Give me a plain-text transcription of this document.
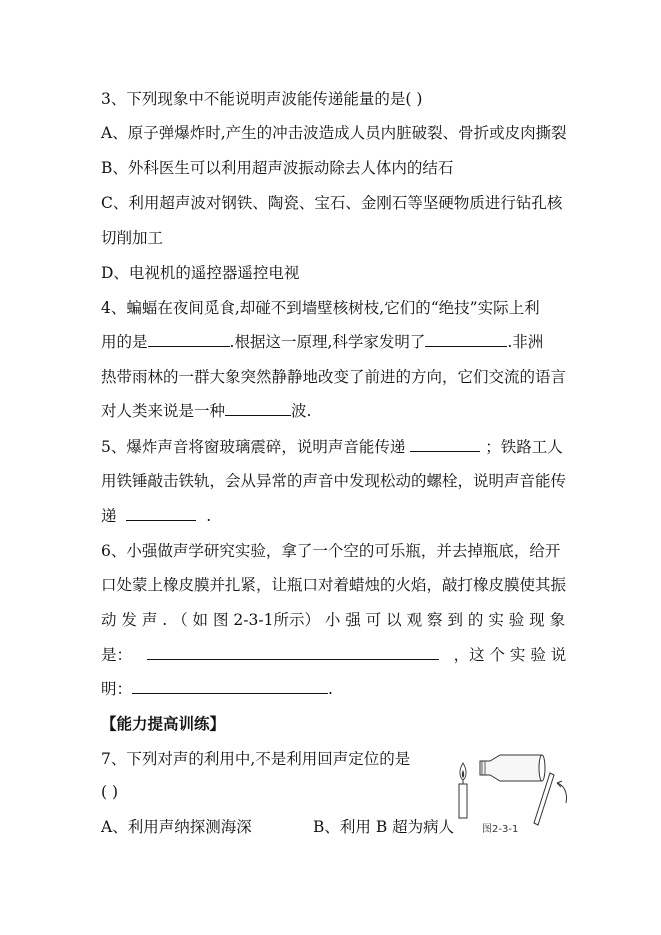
3、下列现象中不能说明声波能传递能量的是( )
A、原子弹爆炸时,产生的冲击波造成人员内脏破裂、骨折或皮肉撕裂
B、外科医生可以利用超声波振动除去人体内的结石
C、利用超声波对钢铁、陶瓷、宝石、金刚石等坚硬物质进行钻孔核
切削加工
D、电视机的遥控器遥控电视
4、蝙蝠在夜间觅食,却碰不到墙壁核树枝,它们的“绝技”实际上利
用的是	.根据这一原理,科学家发明了	.非洲
热带雨林的一群大象突然静静地改变了前进的方向，它们交流的语言
对人类来说是一种	波.
5、爆炸声音将窗玻璃震碎，说明声音能传递	；铁路工人
用铁锤敲击铁轨，会从异常的声音中发现松动的螺栓，说明声音能传
递	.
6、小强做声学研究实验，拿了一个空的可乐瓶，并去掉瓶底，给开
口处蒙上橡皮膜并扎紧，让瓶口对着蜡烛的火焰，敲打橡皮膜使其振
动 发 声 . （ 如 图 2-3-1所示） 小 强 可 以 观 察 到 的 实 验 现 象
是：	，这 个 实 验 说
明：	.
【能力提高训练】
7、下列对声的利用中,不是利用回声定位的是
( )
A、利用声纳探测海深	B、利用 B 超为病人	图2-3-1
